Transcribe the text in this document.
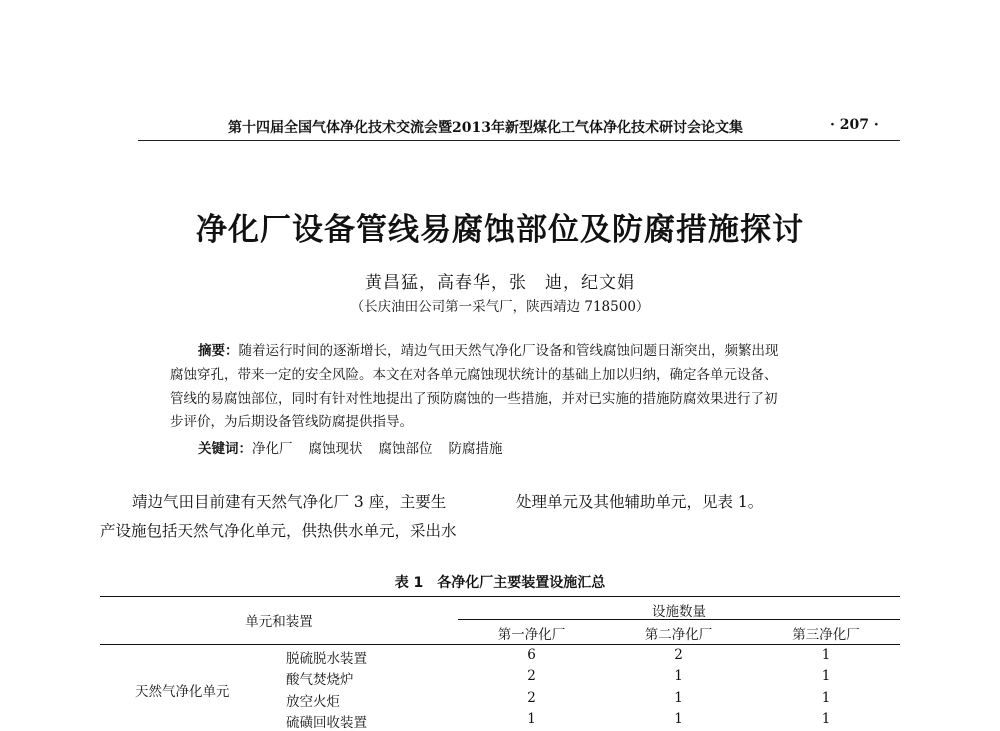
第十四届全国气体净化技术交流会暨2013年新型煤化工气体净化技术研讨会论文集	· 207 ·
净化厂设备管线易腐蚀部位及防腐措施探讨
黄昌猛，高春华，张　迪，纪文娟
（长庆油田公司第一采气厂，陕西靖边 718500）
摘要：随着运行时间的逐渐增长，靖边气田天然气净化厂设备和管线腐蚀问题日渐突出，频繁出现
腐蚀穿孔，带来一定的安全风险。本文在对各单元腐蚀现状统计的基础上加以归纳，确定各单元设备、
管线的易腐蚀部位，同时有针对性地提出了预防腐蚀的一些措施，并对已实施的措施防腐效果进行了初
步评价，为后期设备管线防腐提供指导。
关键词：净化厂 腐蚀现状 腐蚀部位 防腐措施
靖边气田目前建有天然气净化厂 3 座，主要生
产设施包括天然气净化单元，供热供水单元，采出水
处理单元及其他辅助单元，见表 1。
表 1　各净化厂主要装置设施汇总
单元和装置
设施数量
第一净化厂	第二净化厂	第三净化厂
天然气净化单元
脱硫脱水装置	6	2	1
酸气焚烧炉	2	1	1
放空火炬	2	1	1
硫磺回收装置	1	1	1
